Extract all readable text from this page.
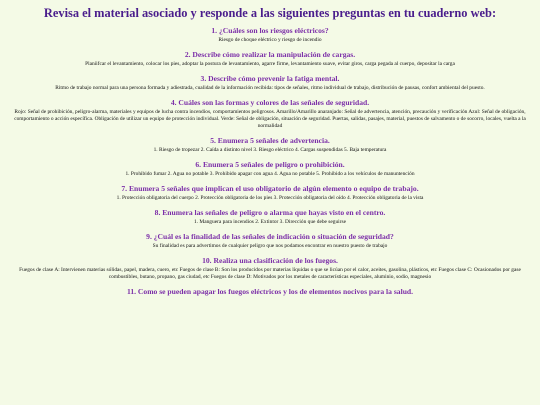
Revisa el material asociado y responde a las siguientes preguntas en tu cuaderno web:

1. ¿Cuáles son los riesgos eléctricos?

Riesgo de choque eléctrico y riesgo de incendio

2. Describe cómo realizar la manipulación de cargas.

Planiifcar el levantamiento, colocar los pies, adoptar la postura de levantamiento, agarre firme, levantamiento suave, evitar giros, carga pegada al cuerpo, depositar la carga

3. Describe cómo prevenir la fatiga mental.

Ritmo de trabajo normal para una persona formada y adiestrada, cualidad de la información recibida: tipos de señales, ritmo individual de trabajo, distribución de pausas, confort ambiental del puesto.

4. Cuáles son las formas y colores de las señales de seguridad.

Rojo: Señal de prohibición, peligro-alarma, materiales y equipos de lucha contra incendios, comportamientos peligrosos. Amarillo/Amarillo anaranjado: Señal de advertencia, atención, precaución y verificación Azul: Señal de obligación, comportamiento o acción específica. Obligación de utilizar un equipo de protección individual. Verde: Señal de obligación, situación de seguridad. Puertas, salidas, pasajes, material, puestos de salvamento o de socorro, locales, vuelta a la normalidad

5. Enumera 5 señales de advertencia.

1. Riesgo de tropezar 2. Caída a distinto nivel 3. Riesgo eléctrico 4. Cargas suspendidas 5. Baja temperatura

6. Enumera 5 señales de peligro o prohibición.

1. Prohibido fumar 2. Agua no potable 3. Prohibido apagar con agua 4. Agua no potable 5. Prohibido a los vehículos de manuntención

7. Enumera 5 señales que implican el uso obligatorio de algún elemento o equipo de trabajo.

1. Protección obligatoria del cuerpo 2. Protección obligatoria de los pies 3. Protección obligatoria del oído 4. Protección obligatoria de la vista

8. Enumera las señales de peligro o alarma que hayas visto en el centro.

1. Manguera para incendios 2. Extintor 3. Dirección que debe seguirse

9. ¿Cuál es la finalidad de las señales de indicación o situación de seguridad?

Su finalidad es para advertimos de cualquier peligro que nos podamos encontrar en nuestro puesto de trabajo

10. Realiza una clasificación de los fuegos.

Fuegos de clase A: Intervienen materias sólidas, papel, madera, cuero, etc Fuegos de clase B: Son los producidos por materias líquidas o que se licúan por el calor, aceites, gasolina, plásticos, etc Fuegos clase C: Ocasionados por gase combustibles, butano, propano, gas ciudad, etc Fuegos de clase D: Motivados por los metales de características especiales, aluminio, sodio, magnesio

11. Como se pueden apagar los fuegos eléctricos y los de elementos nocivos para la salud.
